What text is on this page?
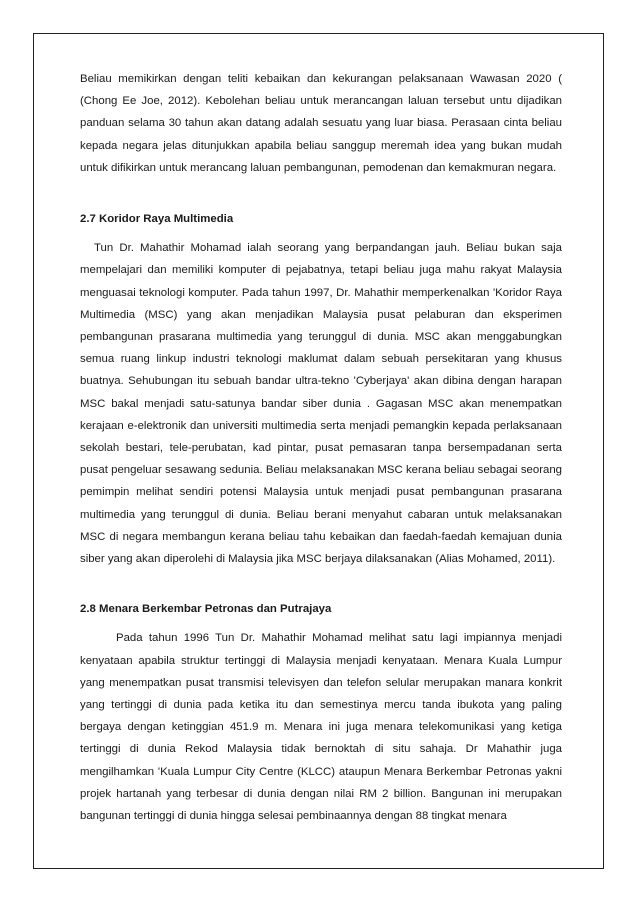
Beliau memikirkan dengan teliti kebaikan dan kekurangan pelaksanaan Wawasan 2020 ( (Chong Ee Joe, 2012). Kebolehan beliau untuk merancangan laluan tersebut untu dijadikan panduan selama 30 tahun akan datang adalah sesuatu yang luar biasa. Perasaan cinta beliau kepada negara jelas ditunjukkan apabila beliau sanggup meremah idea yang bukan mudah untuk difikirkan untuk merancang laluan pembangunan, pemodenan dan kemakmuran negara.

2.7 Koridor Raya Multimedia

Tun Dr. Mahathir Mohamad ialah seorang yang berpandangan jauh. Beliau bukan saja mempelajari dan memiliki komputer di pejabatnya, tetapi beliau juga mahu rakyat Malaysia menguasai teknologi komputer. Pada tahun 1997, Dr. Mahathir memperkenalkan 'Koridor Raya Multimedia (MSC) yang akan menjadikan Malaysia pusat pelaburan dan eksperimen pembangunan prasarana multimedia yang terunggul di dunia. MSC akan menggabungkan semua ruang linkup industri teknologi maklumat dalam sebuah persekitaran yang khusus buatnya. Sehubungan itu sebuah bandar ultra-tekno 'Cyberjaya' akan dibina dengan harapan MSC bakal menjadi satu-satunya bandar siber dunia . Gagasan MSC akan menempatkan kerajaan e-elektronik dan universiti multimedia serta menjadi pemangkin kepada perlaksanaan sekolah bestari, tele-perubatan, kad pintar, pusat pemasaran tanpa bersempadanan serta pusat pengeluar sesawang sedunia. Beliau melaksanakan MSC kerana beliau sebagai seorang pemimpin melihat sendiri potensi Malaysia untuk menjadi pusat pembangunan prasarana multimedia yang terunggul di dunia. Beliau berani menyahut cabaran untuk melaksanakan MSC di negara membangun kerana beliau tahu kebaikan dan faedah-faedah kemajuan dunia siber yang akan diperolehi di Malaysia jika MSC berjaya dilaksanakan (Alias Mohamed, 2011).

2.8 Menara Berkembar Petronas dan Putrajaya

Pada tahun 1996 Tun Dr. Mahathir Mohamad melihat satu lagi impiannya menjadi kenyataan apabila struktur tertinggi di Malaysia menjadi kenyataan. Menara Kuala Lumpur yang menempatkan pusat transmisi televisyen dan telefon selular merupakan manara konkrit yang tertinggi di dunia pada ketika itu dan semestinya mercu tanda ibukota yang paling bergaya dengan ketinggian 451.9 m. Menara ini juga menara telekomunikasi yang ketiga tertinggi di dunia Rekod Malaysia tidak bernoktah di situ sahaja. Dr Mahathir juga mengilhamkan 'Kuala Lumpur City Centre (KLCC) ataupun Menara Berkembar Petronas yakni projek hartanah yang terbesar di dunia dengan nilai RM 2 billion. Bangunan ini merupakan bangunan tertinggi di dunia hingga selesai pembinaannya dengan 88 tingkat menara
